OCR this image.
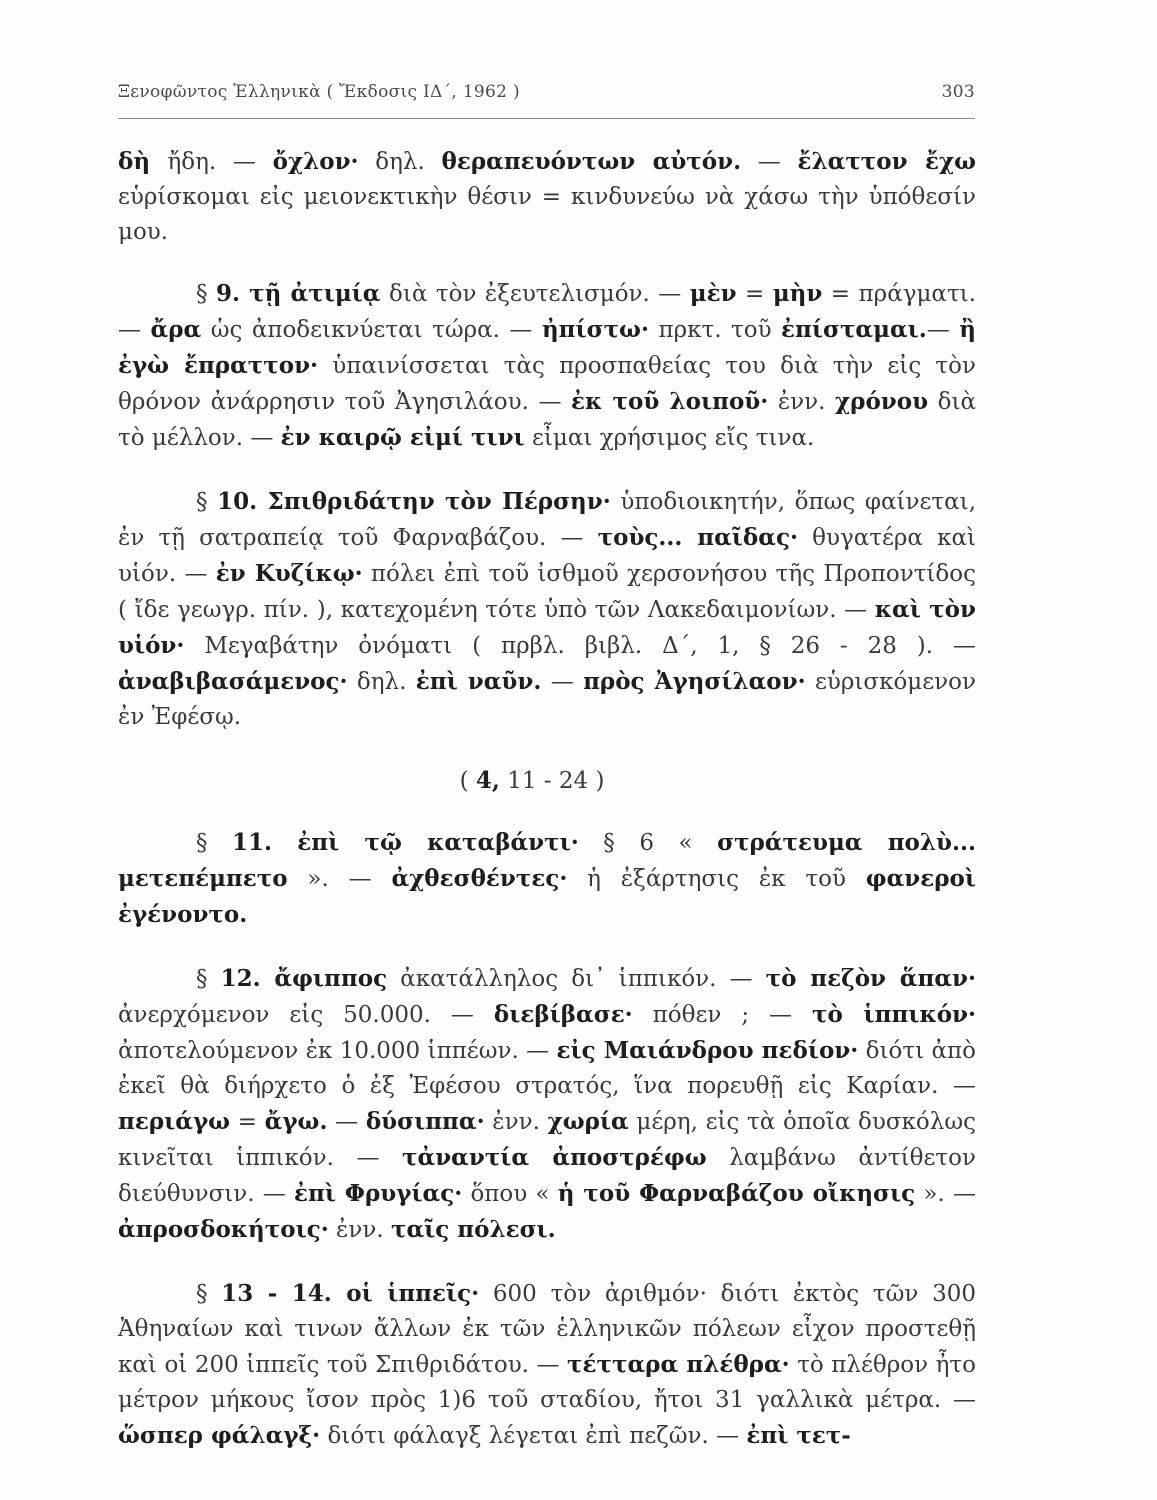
Ξενοφῶντος Ἑλληνικὰ ( Ἔκδοσις ΙΔ΄, 1962 )	303

δὴ ἤδη. — ὄχλον· δηλ. θεραπευόντων αὐτόν. — ἔλαττον ἔχω εὑρίσκομαι εἰς μειονεκτικὴν θέσιν = κινδυνεύω νὰ χάσω τὴν ὑπόθεσίν μου.

§ 9. τῇ ἀτιμίᾳ διὰ τὸν ἐξευτελισμόν. — μὲν = μὴν = πράγματι. — ἄρα ὡς ἀποδεικνύεται τώρα. — ἠπίστω· πρκτ. τοῦ ἐπίσταμαι.— ἢ ἐγὼ ἔπραττον· ὑπαινίσσεται τὰς προσπαθείας του διὰ τὴν εἰς τὸν θρόνον ἀνάρρησιν τοῦ Ἀγησιλάου. — ἐκ τοῦ λοιποῦ· ἐνν. χρόνου διὰ τὸ μέλλον. — ἐν καιρῷ εἰμί τινι εἶμαι χρήσιμος εἴς τινα.

§ 10. Σπιθριδάτην τὸν Πέρσην· ὑποδιοικητήν, ὅπως φαίνεται, ἐν τῇ σατραπείᾳ τοῦ Φαρναβάζου. — τοὺς... παῖδας· θυγατέρα καὶ υἱόν. — ἐν Κυζίκῳ· πόλει ἐπὶ τοῦ ἰσθμοῦ χερσονήσου τῆς Προποντίδος ( ἴδε γεωγρ. πίν. ), κατεχομένη τότε ὑπὸ τῶν Λακεδαιμονίων. — καὶ τὸν υἱόν· Μεγαβάτην ὀνόματι ( πρβλ. βιβλ. Δ΄, 1, § 26 - 28 ). — ἀναβιβασάμενος· δηλ. ἐπὶ ναῦν. — πρὸς Ἀγησίλαον· εὑρισκόμενον ἐν Ἐφέσῳ.

( 4, 11 - 24 )

§ 11. ἐπὶ τῷ καταβάντι· § 6 « στράτευμα πολὺ... μετεπέμπετο ». — ἀχθεσθέντες· ἡ ἐξάρτησις ἐκ τοῦ φανεροὶ ἐγένοντο.

§ 12. ἄφιππος ἀκατάλληλος δι᾿ ἱππικόν. — τὸ πεζὸν ἅπαν· ἀνερχόμενον εἰς 50.000. — διεβίβασε· πόθεν ; — τὸ ἱππικόν· ἀποτελούμενον ἐκ 10.000 ἱππέων. — εἰς Μαιάνδρου πεδίον· διότι ἀπὸ ἐκεῖ θὰ διήρχετο ὁ ἐξ Ἐφέσου στρατός, ἵνα πορευθῇ εἰς Καρίαν. — περιάγω = ἄγω. — δύσιππα· ἐνν. χωρία μέρη, εἰς τὰ ὁποῖα δυσκόλως κινεῖται ἱππικόν. — τἀναντία ἀποστρέφω λαμβάνω ἀντίθετον διεύθυνσιν. — ἐπὶ Φρυγίας· ὅπου « ἡ τοῦ Φαρναβάζου οἴκησις ». — ἀπροσδοκήτοις· ἐνν. ταῖς πόλεσι.

§ 13 - 14. οἱ ἱππεῖς· 600 τὸν ἀριθμόν· διότι ἐκτὸς τῶν 300 Ἀθηναίων καὶ τινων ἄλλων ἐκ τῶν ἑλληνικῶν πόλεων εἶχον προστεθῇ καὶ οἱ 200 ἱππεῖς τοῦ Σπιθριδάτου. — τέτταρα πλέθρα· τὸ πλέθρον ἦτο μέτρον μήκους ἴσον πρὸς 1)6 τοῦ σταδίου, ἤτοι 31 γαλλικὰ μέτρα. — ὥσπερ φάλαγξ· διότι φάλαγξ λέγεται ἐπὶ πεζῶν. — ἐπὶ τετ-
